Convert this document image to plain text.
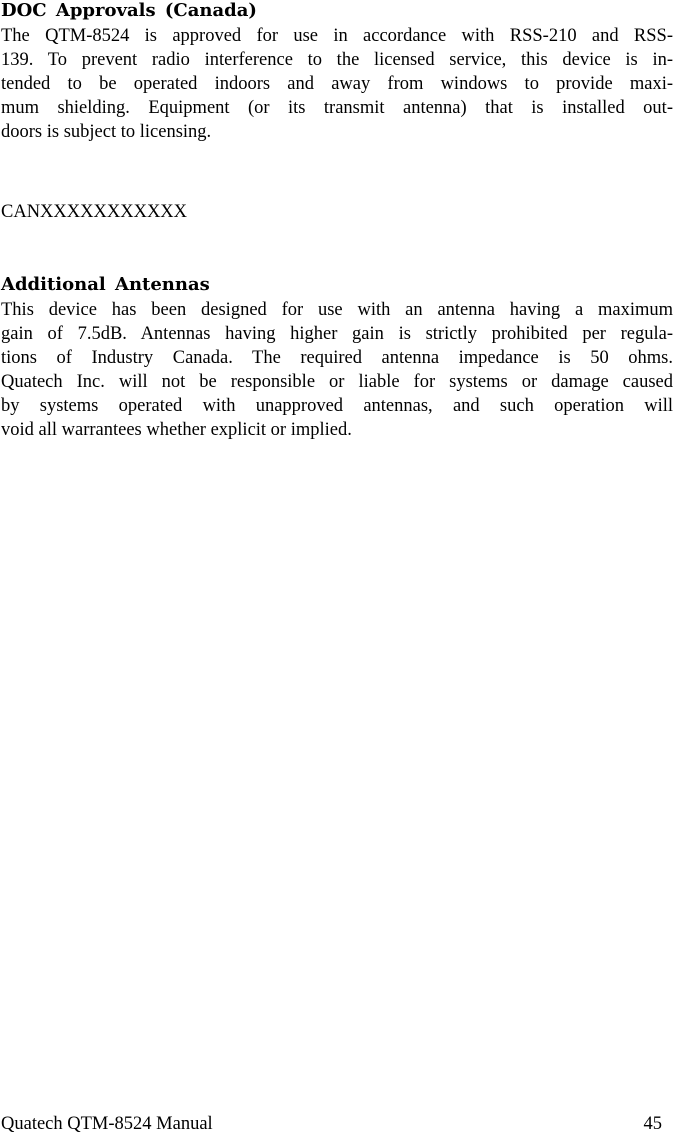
DOC Approvals (Canada)

The QTM-8524 is approved for use in accordance with RSS-210 and RSS-
139. To prevent radio interference to the licensed service, this device is in-
tended to be operated indoors and away from windows to provide maxi-
mum shielding. Equipment (or its transmit antenna) that is installed out-
doors is subject to licensing.

CANXXXXXXXXXXX

Additional Antennas

This device has been designed for use with an antenna having a maximum
gain of 7.5dB. Antennas having higher gain is strictly prohibited per regula-
tions of Industry Canada. The required antenna impedance is 50 ohms.
Quatech Inc. will not be responsible or liable for systems or damage caused
by systems operated with unapproved antennas, and such operation will
void all warrantees whether explicit or implied.

Quatech QTM-8524 Manual	45
